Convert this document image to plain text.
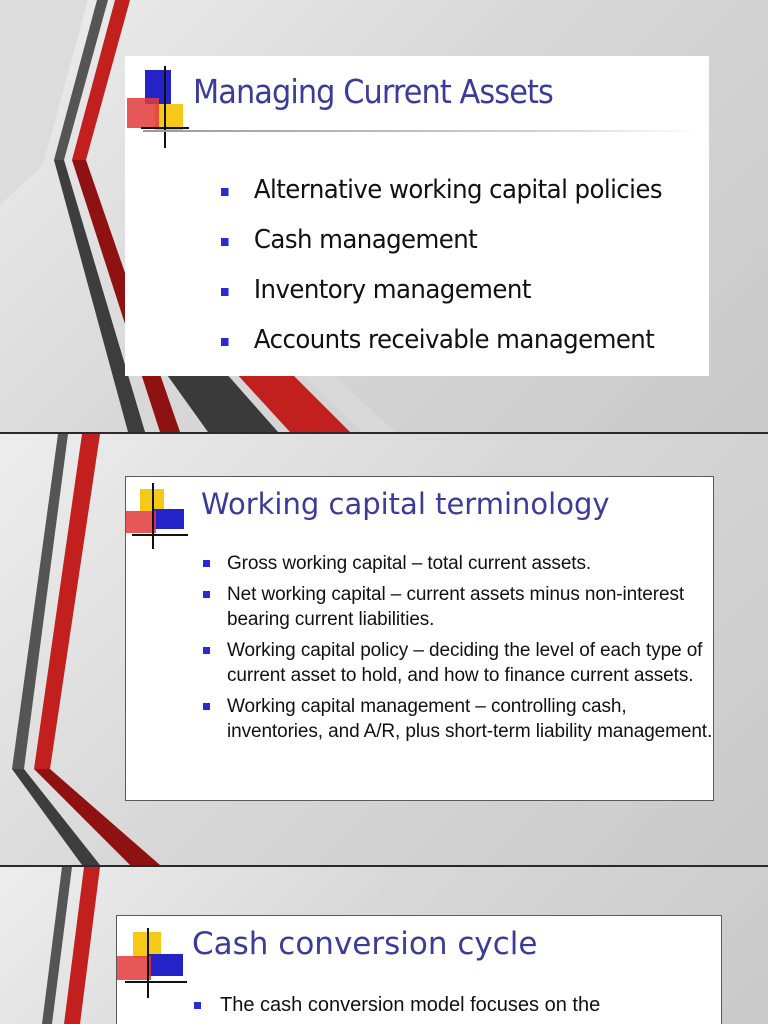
Managing Current Assets
Alternative working capital policies
Cash management
Inventory management
Accounts receivable management
Working capital terminology
Gross working capital – total current assets.
Net working capital – current assets minus non-interest bearing current liabilities.
Working capital policy – deciding the level of each type of current asset to hold, and how to finance current assets.
Working capital management – controlling cash, inventories, and A/R, plus short-term liability management.
Cash conversion cycle
The cash conversion model focuses on the
